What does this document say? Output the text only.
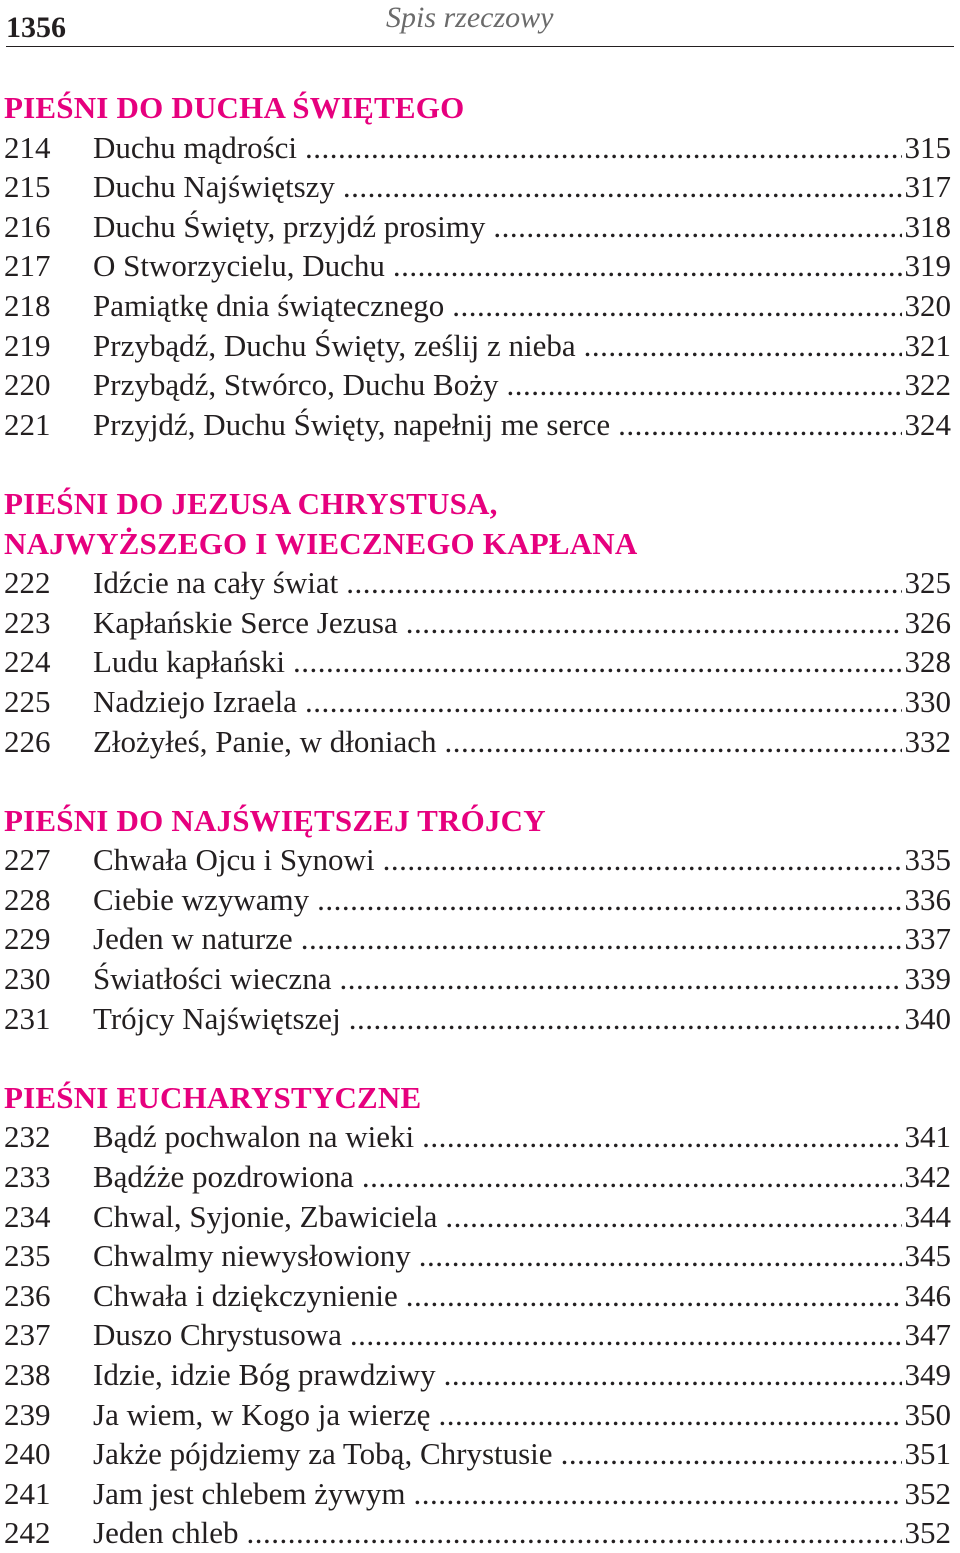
1356	Spis rzeczowy
PIEŚNI DO DUCHA ŚWIĘTEGO
214	Duchu mądrości .....	315
215	Duchu Najświętszy .....	317
216	Duchu Święty, przyjdź prosimy .....	318
217	O Stworzycielu, Duchu .....	319
218	Pamiątkę dnia świątecznego .....	320
219	Przybądź, Duchu Święty, ześlij z nieba .....	321
220	Przybądź, Stwórco, Duchu Boży .....	322
221	Przyjdź, Duchu Święty, napełnij me serce .....	324
PIEŚNI DO JEZUSA CHRYSTUSA,
NAJWYŻSZEGO I WIECZNEGO KAPŁANA
222	Idźcie na cały świat .....	325
223	Kapłańskie Serce Jezusa .....	326
224	Ludu kapłański .....	328
225	Nadziejo Izraela .....	330
226	Złożyłeś, Panie, w dłoniach .....	332
PIEŚNI DO NAJŚWIĘTSZEJ TRÓJCY
227	Chwała Ojcu i Synowi .....	335
228	Ciebie wzywamy .....	336
229	Jeden w naturze .....	337
230	Światłości wieczna .....	339
231	Trójcy Najświętszej .....	340
PIEŚNI EUCHARYSTYCZNE
232	Bądź pochwalon na wieki .....	341
233	Bądźże pozdrowiona .....	342
234	Chwal, Syjonie, Zbawiciela .....	344
235	Chwalmy niewysłowiony .....	345
236	Chwała i dziękczynienie .....	346
237	Duszo Chrystusowa .....	347
238	Idzie, idzie Bóg prawdziwy .....	349
239	Ja wiem, w Kogo ja wierzę .....	350
240	Jakże pójdziemy za Tobą, Chrystusie .....	351
241	Jam jest chlebem żywym .....	352
242	Jeden chleb .....	352
